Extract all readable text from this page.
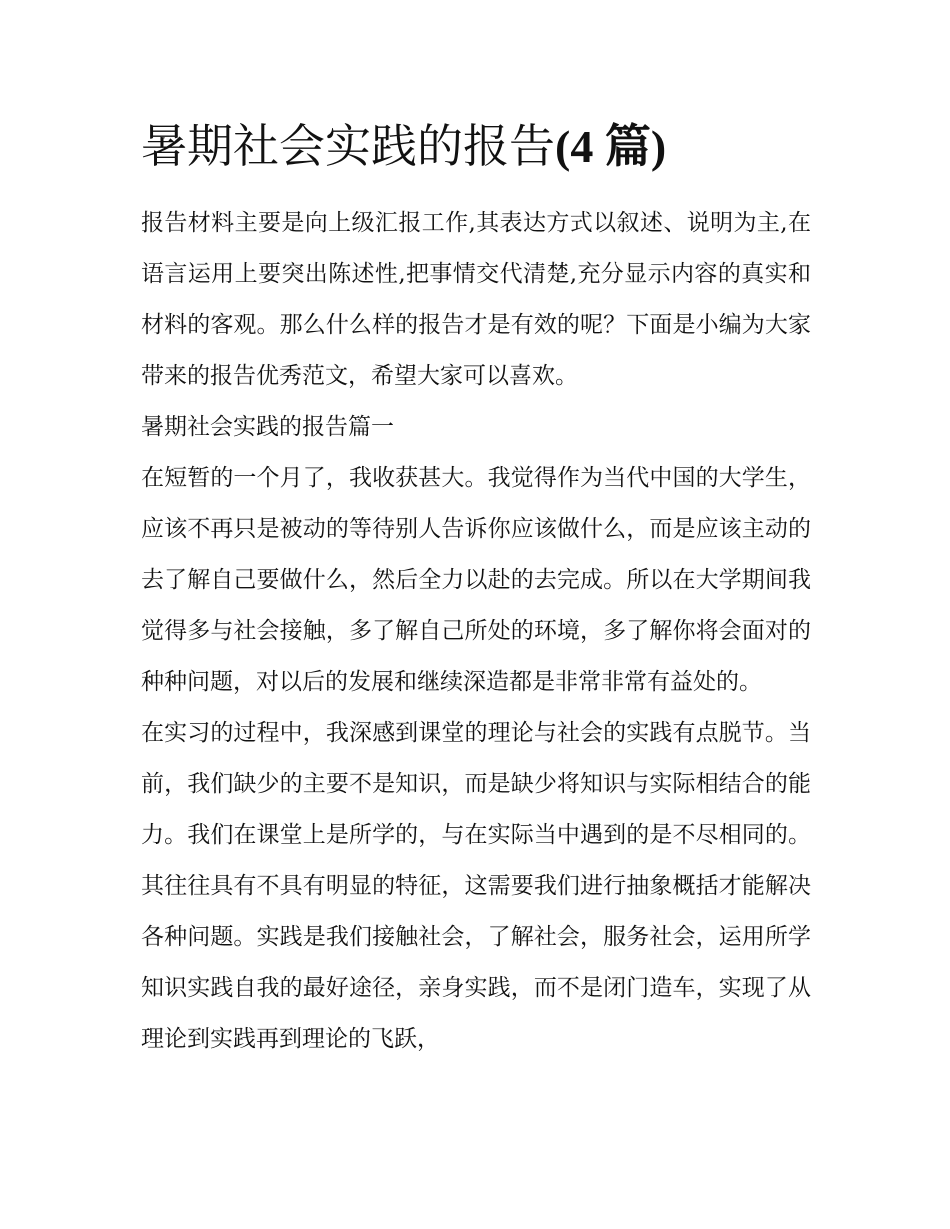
暑期社会实践的报告(4 篇)

报告材料主要是向上级汇报工作,其表达方式以叙述、说明为主,在语言运用上要突出陈述性,把事情交代清楚,充分显示内容的真实和材料的客观。那么什么样的报告才是有效的呢？下面是小编为大家带来的报告优秀范文，希望大家可以喜欢。

暑期社会实践的报告篇一

在短暂的一个月了，我收获甚大。我觉得作为当代中国的大学生，应该不再只是被动的等待别人告诉你应该做什么，而是应该主动的去了解自己要做什么，然后全力以赴的去完成。所以在大学期间我觉得多与社会接触，多了解自己所处的环境，多了解你将会面对的种种问题，对以后的发展和继续深造都是非常非常有益处的。

在实习的过程中，我深感到课堂的理论与社会的实践有点脱节。当前，我们缺少的主要不是知识，而是缺少将知识与实际相结合的能力。我们在课堂上是所学的，与在实际当中遇到的是不尽相同的。其往往具有不具有明显的特征，这需要我们进行抽象概括才能解决各种问题。实践是我们接触社会，了解社会，服务社会，运用所学知识实践自我的最好途径，亲身实践，而不是闭门造车，实现了从理论到实践再到理论的飞跃，
